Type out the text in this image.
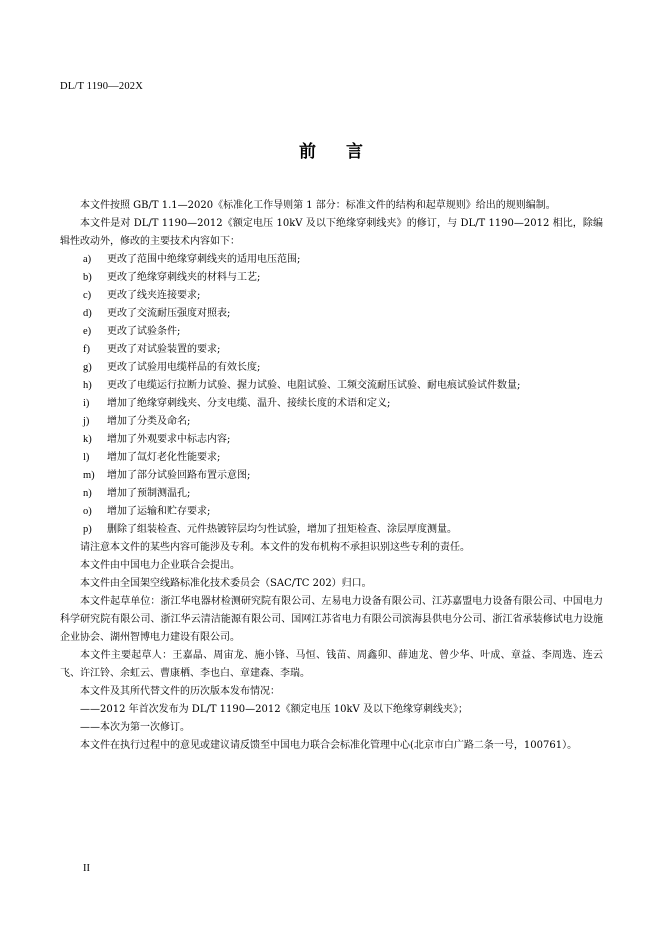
DL/T 1190—202X
前 言

本文件按照 GB/T 1.1—2020《标准化工作导则第 1 部分：标准文件的结构和起草规则》给出的规则编制。

本文件是对 DL/T 1190—2012《额定电压 10kV 及以下绝缘穿刺线夹》的修订，与 DL/T 1190—2012 相比，除编辑性改动外，修改的主要技术内容如下：

a)	更改了范围中绝缘穿刺线夹的适用电压范围;
b)	更改了绝缘穿刺线夹的材料与工艺;
c)	更改了线夹连接要求;
d)	更改了交流耐压强度对照表;
e)	更改了试验条件;
f)	更改了对试验装置的要求;
g)	更改了试验用电缆样品的有效长度;
h)	更改了电缆运行拉断力试验、握力试验、电阻试验、工频交流耐压试验、耐电痕试验试件数量;
i)	增加了绝缘穿刺线夹、分支电缆、温升、接续长度的术语和定义;
j)	增加了分类及命名;
k)	增加了外观要求中标志内容;
l)	增加了氙灯老化性能要求;
m)	增加了部分试验回路布置示意图;
n)	增加了预制测温孔;
o)	增加了运输和贮存要求;
p)	删除了组装检查、元件热镀锌层均匀性试验，增加了扭矩检查、涂层厚度测量。

请注意本文件的某些内容可能涉及专利。本文件的发布机构不承担识别这些专利的责任。

本文件由中国电力企业联合会提出。

本文件由全国架空线路标准化技术委员会（SAC/TC 202）归口。

本文件起草单位：浙江华电器材检测研究院有限公司、左易电力设备有限公司、江苏嘉盟电力设备有限公司、中国电力科学研究院有限公司、浙江华云清洁能源有限公司、国网江苏省电力有限公司滨海县供电分公司、浙江省承装修试电力设施企业协会、湖州智博电力建设有限公司。

本文件主要起草人：王嘉晶、周宙龙、施小锋、马恒、钱苗、周鑫卯、薛迪龙、曾少华、叶成、章益、李周选、连云飞、许江铃、余虹云、曹康栖、李也白、章建森、李瑞。

本文件及其所代替文件的历次版本发布情况：

——2012 年首次发布为 DL/T 1190—2012《额定电压 10kV 及以下绝缘穿刺线夹》；

——本次为第一次修订。

本文件在执行过程中的意见或建议请反馈至中国电力联合会标准化管理中心(北京市白广路二条一号，100761）。

II
